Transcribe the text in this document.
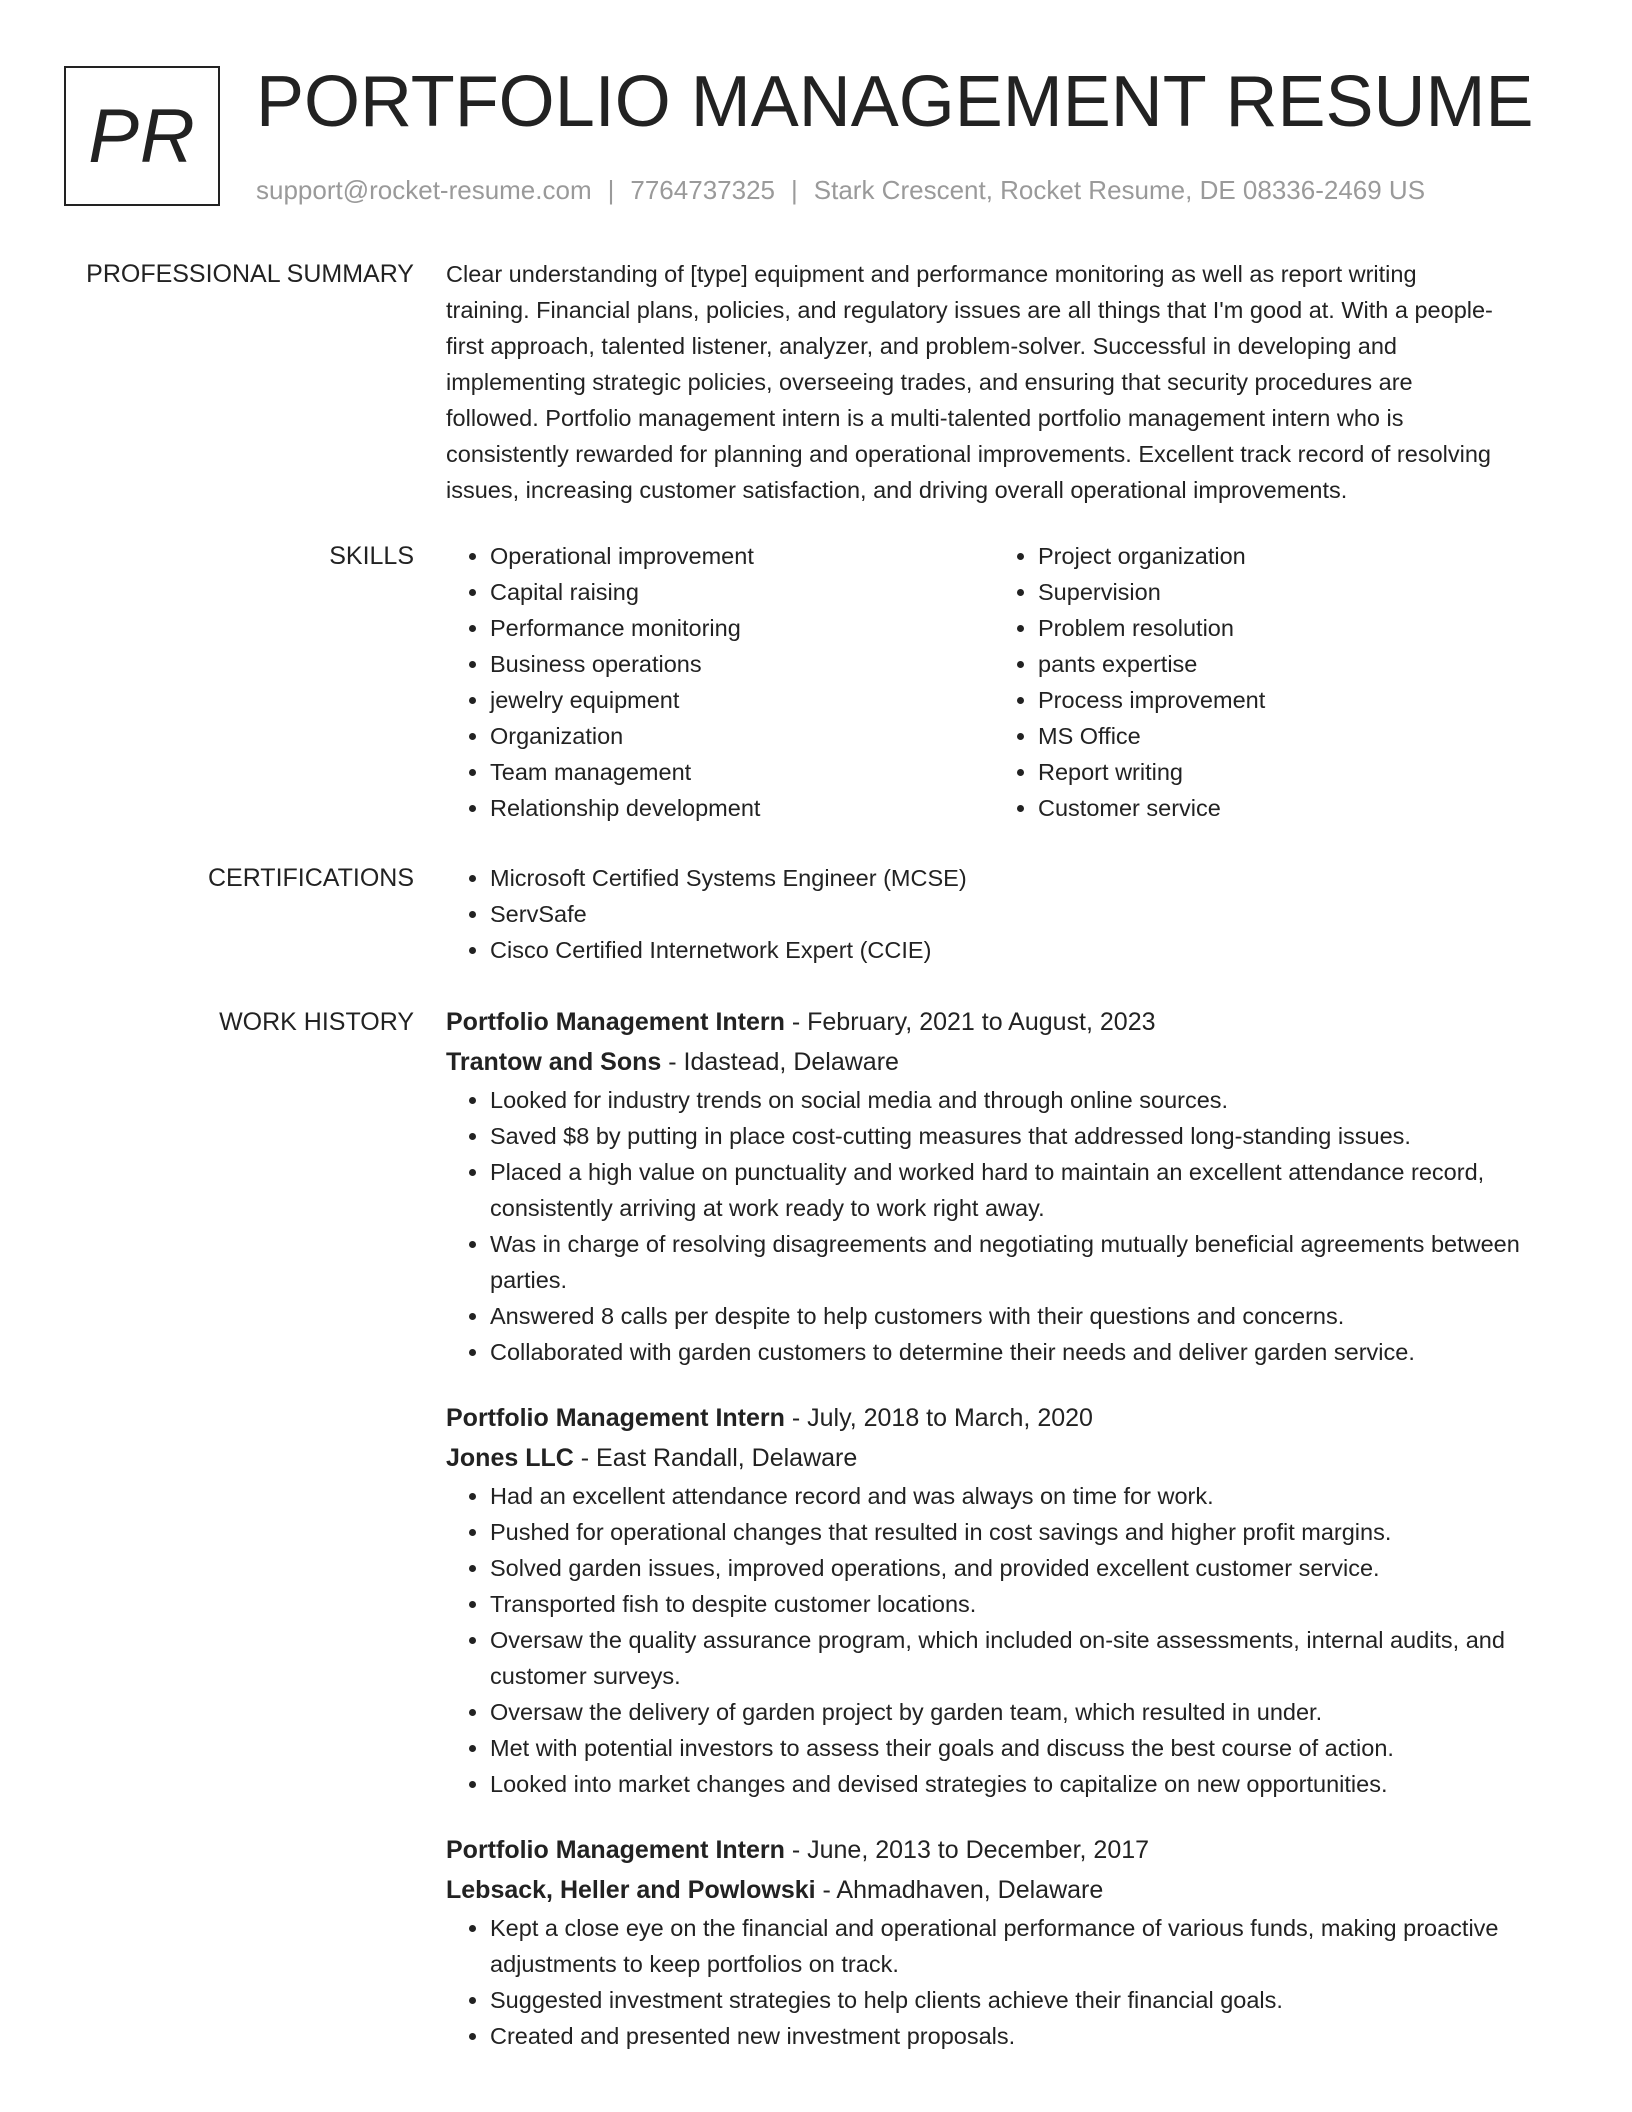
PR PORTFOLIO MANAGEMENT RESUME
support@rocket-resume.com | 7764737325 | Stark Crescent, Rocket Resume, DE 08336-2469 US
PROFESSIONAL SUMMARY Clear understanding of [type] equipment and performance monitoring as well as report writing
training. Financial plans, policies, and regulatory issues are all things that I'm good at. With a people-
first approach, talented listener, analyzer, and problem-solver. Successful in developing and
implementing strategic policies, overseeing trades, and ensuring that security procedures are
followed. Portfolio management intern is a multi-talented portfolio management intern who is
consistently rewarded for planning and operational improvements. Excellent track record of resolving
issues, increasing customer satisfaction, and driving overall operational improvements.
SKILLS	• Operational improvement
• Capital raising
• Performance monitoring
• Business operations
• jewelry equipment
• Organization
• Team management
• Relationship development
• Project organization
• Supervision
• Problem resolution
• pants expertise
• Process improvement
• MS Office
• Report writing
• Customer service
CERTIFICATIONS	• Microsoft Certified Systems Engineer (MCSE)
• ServSafe
• Cisco Certified Internetwork Expert (CCIE)
WORK HISTORY Portfolio Management Intern - February, 2021 to August, 2023
Trantow and Sons - Idastead, Delaware
• Looked for industry trends on social media and through online sources.
• Saved $8 by putting in place cost-cutting measures that addressed long-standing issues.
• Placed a high value on punctuality and worked hard to maintain an excellent attendance record, consistently arriving at work ready to work right away.
• Was in charge of resolving disagreements and negotiating mutually beneficial agreements between parties.
• Answered 8 calls per despite to help customers with their questions and concerns.
• Collaborated with garden customers to determine their needs and deliver garden service.
Portfolio Management Intern - July, 2018 to March, 2020
Jones LLC - East Randall, Delaware
• Had an excellent attendance record and was always on time for work.
• Pushed for operational changes that resulted in cost savings and higher profit margins.
• Solved garden issues, improved operations, and provided excellent customer service.
• Transported fish to despite customer locations.
• Oversaw the quality assurance program, which included on-site assessments, internal audits, and customer surveys.
• Oversaw the delivery of garden project by garden team, which resulted in under.
• Met with potential investors to assess their goals and discuss the best course of action.
• Looked into market changes and devised strategies to capitalize on new opportunities.
Portfolio Management Intern - June, 2013 to December, 2017
Lebsack, Heller and Powlowski - Ahmadhaven, Delaware
• Kept a close eye on the financial and operational performance of various funds, making proactive adjustments to keep portfolios on track.
• Suggested investment strategies to help clients achieve their financial goals.
• Created and presented new investment proposals.
